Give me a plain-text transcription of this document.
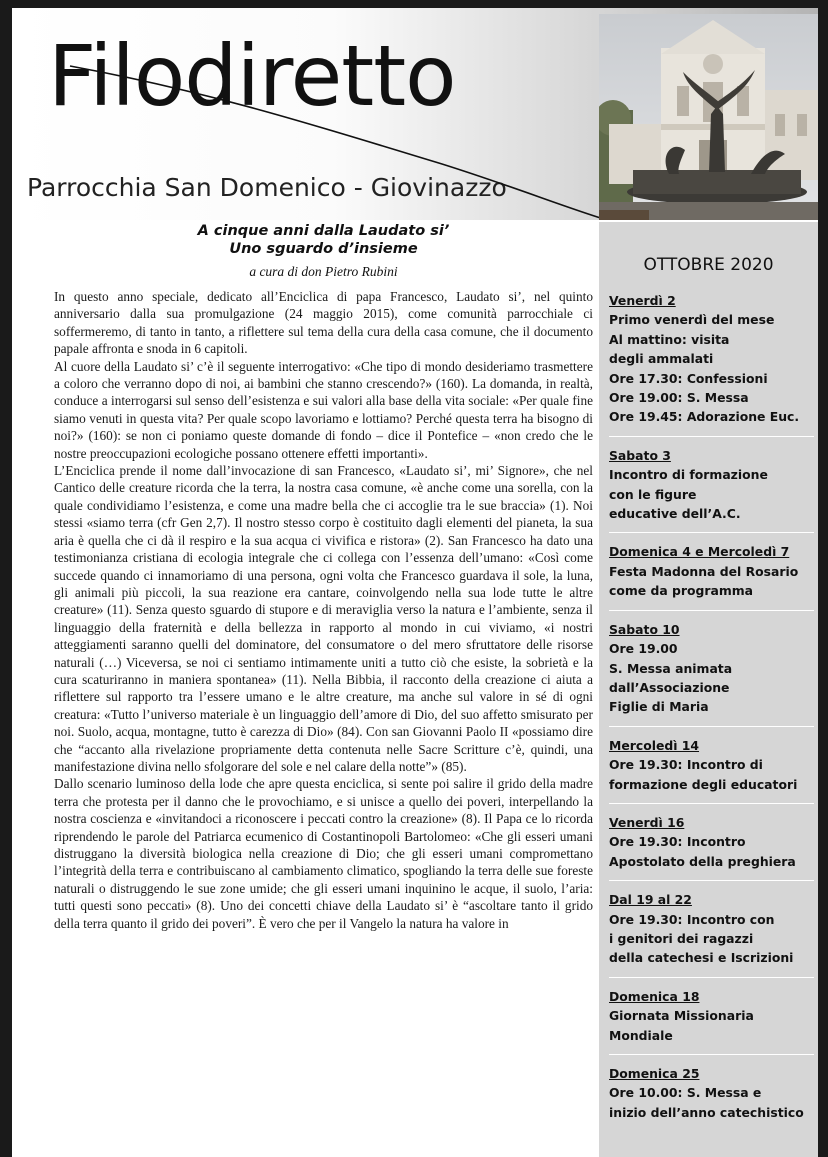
Filodiretto
Parrocchia San Domenico - Giovinazzo
A cinque anni dalla Laudato si’
Uno sguardo d’insieme
a cura di don Pietro Rubini

In questo anno speciale, dedicato all’Enciclica di papa Francesco, Laudato si’, nel quinto anniversario dalla sua promulgazione (24 maggio 2015), come comunità parrocchiale ci soffermeremo, di tanto in tanto, a riflettere sul tema della cura della casa comune, che il documento papale affronta e snoda in 6 capitoli.

Al cuore della Laudato si’ c’è il seguente interrogativo: «Che tipo di mondo desideriamo trasmettere a coloro che verranno dopo di noi, ai bambini che stanno crescendo?» (160). La domanda, in realtà, conduce a interrogarsi sul senso dell’esistenza e sui valori alla base della vita sociale: «Per quale fine siamo venuti in questa vita? Per quale scopo lavoriamo e lottiamo? Perché questa terra ha bisogno di noi?» (160): se non ci poniamo queste domande di fondo – dice il Pontefice – «non credo che le nostre preoccupazioni ecologiche possano ottenere effetti importanti».

L’Enciclica prende il nome dall’invocazione di san Francesco, «Laudato si’, mi’ Signore», che nel Cantico delle creature ricorda che la terra, la nostra casa comune, «è anche come una sorella, con la quale condividiamo l’esistenza, e come una madre bella che ci accoglie tra le sue braccia» (1). Noi stessi «siamo terra (cfr Gen 2,7). Il nostro stesso corpo è costituito dagli elementi del pianeta, la sua aria è quella che ci dà il respiro e la sua acqua ci vivifica e ristora» (2). San Francesco ha dato una testimonianza cristiana di ecologia integrale che ci collega con l’essenza dell’umano: «Così come succede quando ci innamoriamo di una persona, ogni volta che Francesco guardava il sole, la luna, gli animali più piccoli, la sua reazione era cantare, coinvolgendo nella sua lode tutte le altre creature» (11). Senza questo sguardo di stupore e di meraviglia verso la natura e l’ambiente, senza il linguaggio della fraternità e della bellezza in rapporto al mondo in cui viviamo, «i nostri atteggiamenti saranno quelli del dominatore, del consumatore o del mero sfruttatore delle risorse naturali (…) Viceversa, se noi ci sentiamo intimamente uniti a tutto ciò che esiste, la sobrietà e la cura scaturiranno in maniera spontanea» (11). Nella Bibbia, il racconto della creazione ci aiuta a riflettere sul rapporto tra l’essere umano e le altre creature, ma anche sul valore in sé di ogni creatura: «Tutto l’universo materiale è un linguaggio dell’amore di Dio, del suo affetto smisurato per noi. Suolo, acqua, montagne, tutto è carezza di Dio» (84). Con san Giovanni Paolo II «possiamo dire che “accanto alla rivelazione propriamente detta contenuta nelle Sacre Scritture c’è, quindi, una manifestazione divina nello sfolgorare del sole e nel calare della notte”» (85).

Dallo scenario luminoso della lode che apre questa enciclica, si sente poi salire il grido della madre terra che protesta per il danno che le provochiamo, e si unisce a quello dei poveri, interpellando la nostra coscienza e «invitandoci a riconoscere i peccati contro la creazione» (8). Il Papa ce lo ricorda riprendendo le parole del Patriarca ecumenico di Costantinopoli Bartolomeo: «Che gli esseri umani distruggano la diversità biologica nella creazione di Dio; che gli esseri umani compromettano l’integrità della terra e contribuiscano al cambiamento climatico, spogliando la terra delle sue foreste naturali o distruggendo le sue zone umide; che gli esseri umani inquinino le acque, il suolo, l’aria: tutti questi sono peccati» (8). Uno dei concetti chiave della Laudato si’ è “ascoltare tanto il grido della terra quanto il grido dei poveri”. È vero che per il Vangelo la natura ha valore in

OTTOBRE 2020
Venerdì 2
Primo venerdì del mese
Al mattino: visita
degli ammalati
Ore 17.30: Confessioni
Ore 19.00: S. Messa
Ore 19.45: Adorazione Euc.
Sabato 3
Incontro di formazione
con le figure
educative dell’A.C.
Domenica 4 e Mercoledì 7
Festa Madonna del Rosario
come da programma
Sabato 10
Ore 19.00
S. Messa animata
dall’Associazione
Figlie di Maria
Mercoledì 14
Ore 19.30: Incontro di
formazione degli educatori
Venerdì 16
Ore 19.30: Incontro
Apostolato della preghiera
Dal 19 al 22
Ore 19.30: Incontro con
i genitori dei ragazzi
della catechesi e Iscrizioni
Domenica 18
Giornata Missionaria
Mondiale
Domenica 25
Ore 10.00: S. Messa e
inizio dell’anno catechistico
